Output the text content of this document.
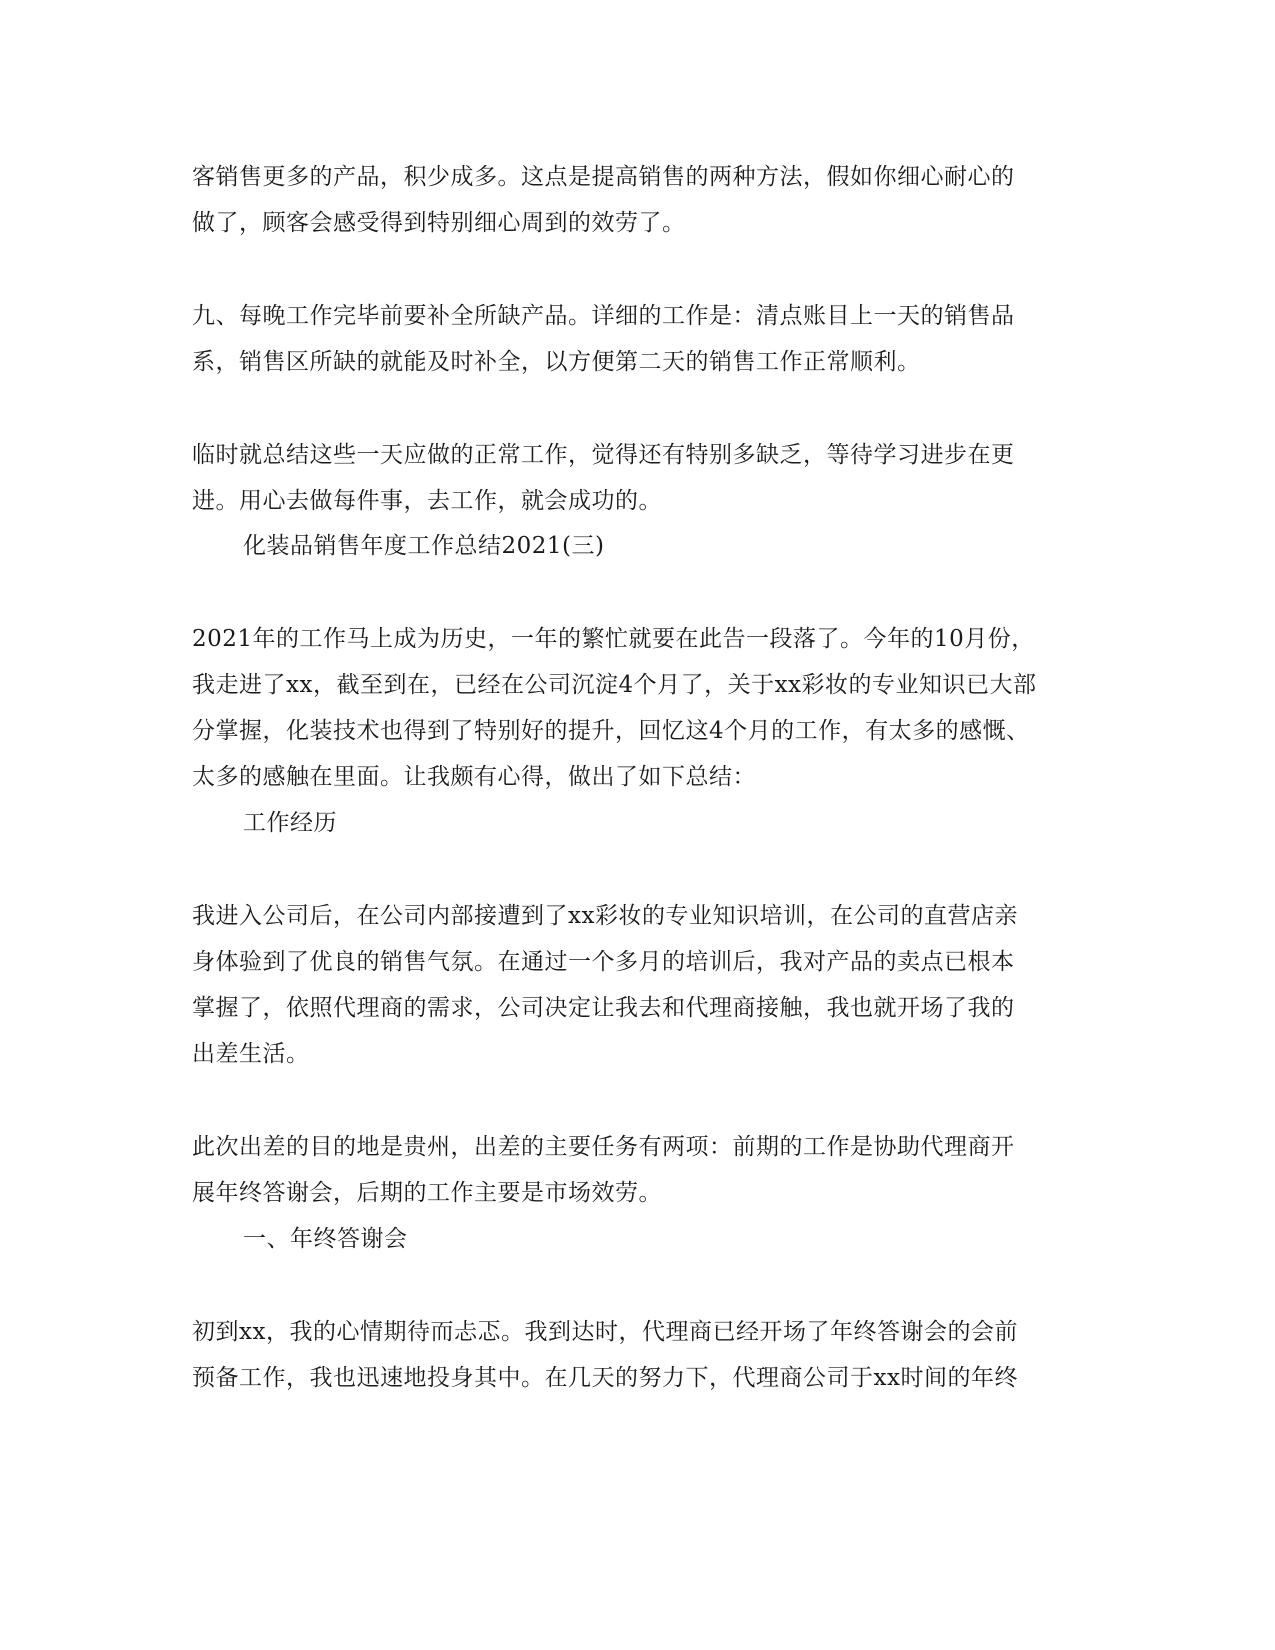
客销售更多的产品，积少成多。这点是提高销售的两种方法，假如你细心耐心的
做了，顾客会感受得到特别细心周到的效劳了。
九、每晚工作完毕前要补全所缺产品。详细的工作是：清点账目上一天的销售品
系，销售区所缺的就能及时补全，以方便第二天的销售工作正常顺利。
临时就总结这些一天应做的正常工作，觉得还有特别多缺乏，等待学习进步在更
进。用心去做每件事，去工作，就会成功的。
化装品销售年度工作总结2021(三)
2021年的工作马上成为历史，一年的繁忙就要在此告一段落了。今年的10月份，
我走进了xx，截至到在，已经在公司沉淀4个月了，关于xx彩妆的专业知识已大部
分掌握，化装技术也得到了特别好的提升，回忆这4个月的工作，有太多的感慨、
太多的感触在里面。让我颇有心得，做出了如下总结：
工作经历
我进入公司后，在公司内部接遭到了xx彩妆的专业知识培训，在公司的直营店亲
身体验到了优良的销售气氛。在通过一个多月的培训后，我对产品的卖点已根本
掌握了，依照代理商的需求，公司决定让我去和代理商接触，我也就开场了我的
出差生活。
此次出差的目的地是贵州，出差的主要任务有两项：前期的工作是协助代理商开
展年终答谢会，后期的工作主要是市场效劳。
一、年终答谢会
初到xx，我的心情期待而忐忑。我到达时，代理商已经开场了年终答谢会的会前
预备工作，我也迅速地投身其中。在几天的努力下，代理商公司于xx时间的年终
